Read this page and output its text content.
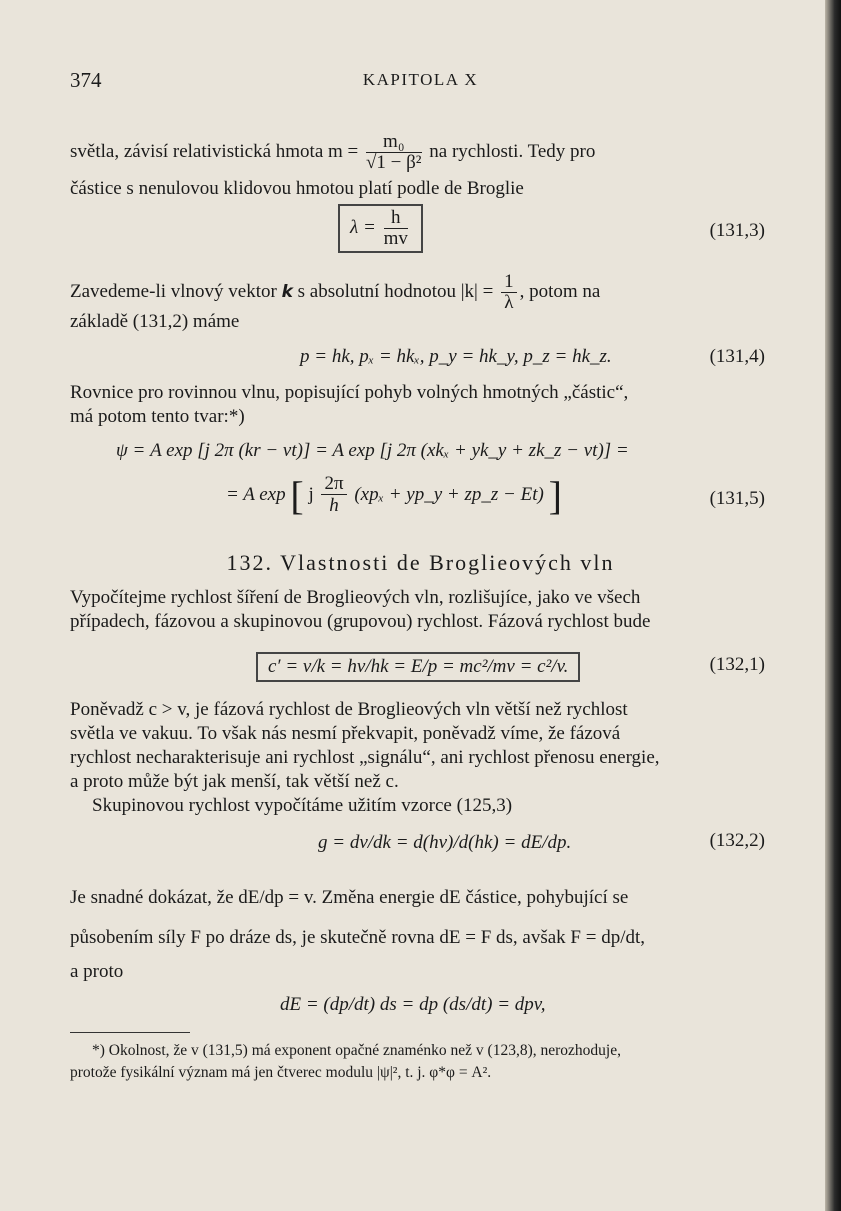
374	KAPITOLA X
světla, závisí relativistická hmota $m = \frac{\text{m₀}}{\text{√1 − β²}}$ na rychlosti. Tedy pro
částice s nenulovou klidovou hmotou platí podle de Broglie
$\lambda = \frac{h}{mv}$	(131,3)
Zavedeme-li vlnový vektor k s absolutní hodnotou $|k| = \frac{1}{\lambda}$ , potom na
základě (131,2) máme
p = hk, pₓ = hkₓ, p_y = hk_y, p_z = hk_z.	(131,4)
Rovnice pro rovinnou vlnu, popisující pohyb volných hmotných „částic“,
má potom tento tvar:*)
ψ = A exp [j 2π (kr − νt)] = A exp [j 2π (xkₓ + yk_y + zk_z − νt)] =
= A exp [ j $\frac{2\pi}{h} (xp_x$ + yp_y + zp_z − Et) ]	(131,5)
132. Vlastnosti de Broglieových vln
Vypočítejme rychlost šíření de Broglieových vln, rozlišujíce, jako ve všech
případech, fázovou a skupinovou (grupovou) rychlost. Fázová rychlost bude
c′ = ν/k = hν/hk = E/p = mc²/mv = c²/v.	(132,1)
Poněvadž c > v, je fázová rychlost de Broglieových vln větší než rychlost
světla ve vakuu. To však nás nesmí překvapit, poněvadž víme, že fázová
rychlost necharakterisuje ani rychlost „signálu“, ani rychlost přenosu energie,
a proto může být jak menší, tak větší než c.
Skupinovou rychlost vypočítáme užitím vzorce (125,3)
g = dν/dk = d(hν)/d(hk) = dE/dp.	(132,2)
Je snadné dokázat, že dE/dp = v. Změna energie dE částice, pohybující se
působením síly F po dráze ds, je skutečně rovna dE = F ds, avšak F = dp/dt,
a proto
dE = (dp/dt) ds = dp (ds/dt) = dpv,
*) Okolnost, že v (131,5) má exponent opačné znaménko než v (123,8), nerozhoduje,
protože fysikální význam má jen čtverec modulu |ψ|², t. j. φ*φ = A².
